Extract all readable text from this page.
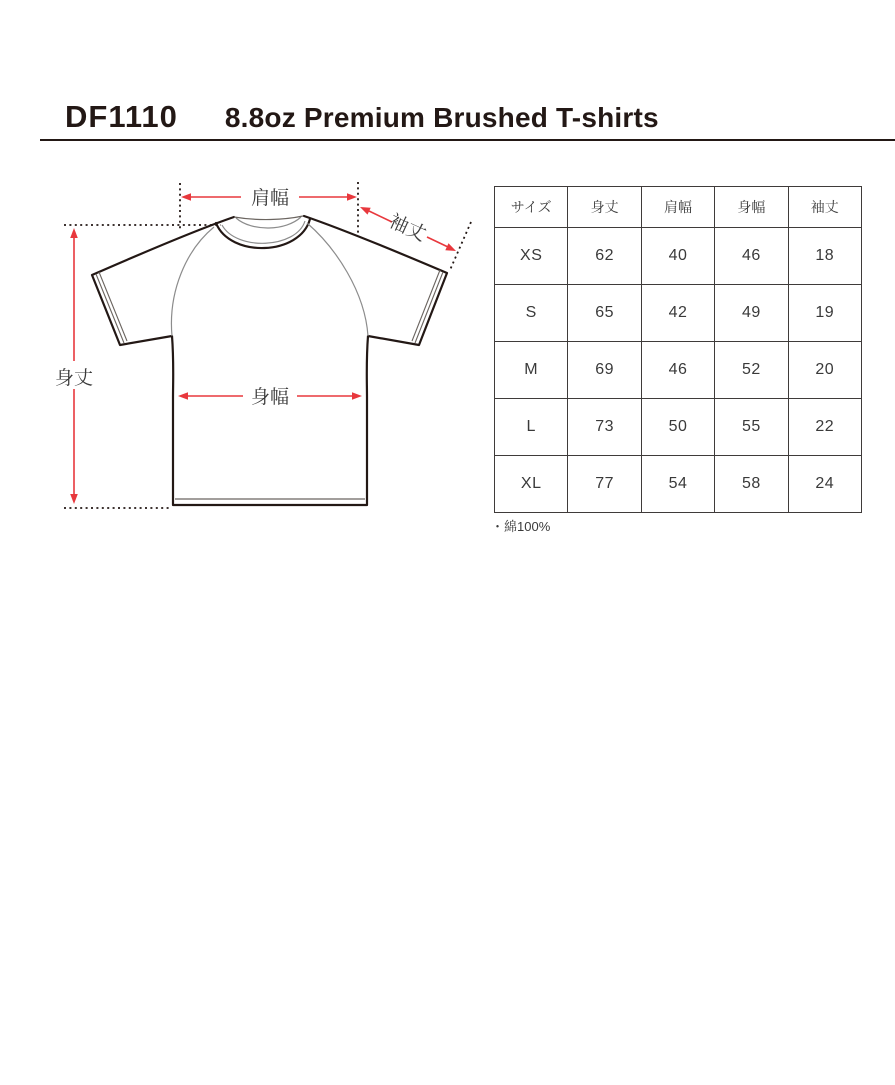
DF1110 8.8oz Premium Brushed T-shirts
肩幅
袖丈
身丈
身幅
サイズ	身丈	肩幅	身幅	袖丈
XS	62	40	46	18
S	65	42	49	19
M	69	46	52	20
L	73	50	55	22
XL	77	54	58	24
・綿100%
